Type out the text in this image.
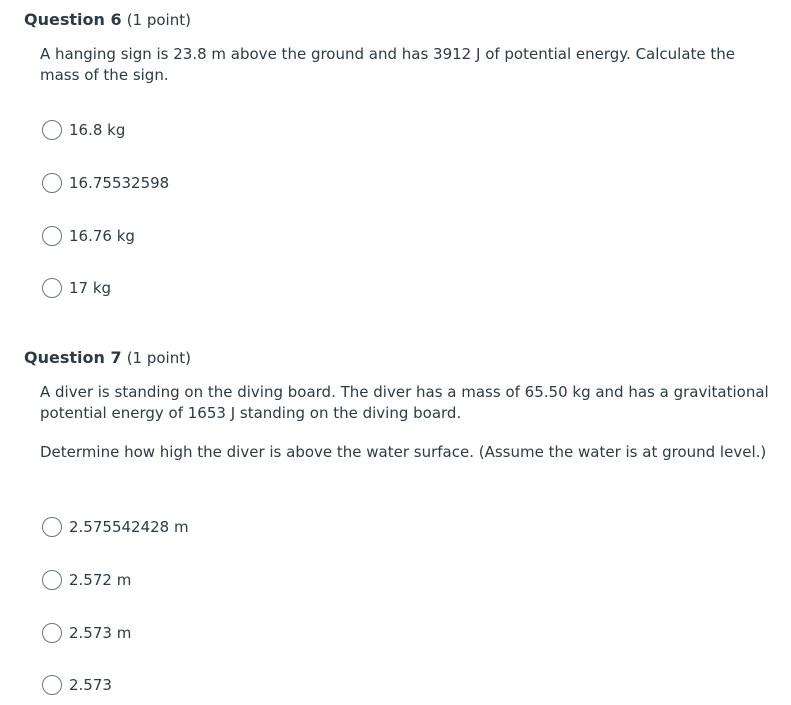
Question 6 (1 point)
A hanging sign is 23.8 m above the ground and has 3912 J of potential energy. Calculate the mass of the sign.
16.8 kg
16.75532598
16.76 kg
17 kg
Question 7 (1 point)
A diver is standing on the diving board. The diver has a mass of 65.50 kg and has a gravitational potential energy of 1653 J standing on the diving board.
Determine how high the diver is above the water surface. (Assume the water is at ground level.)
2.575542428 m
2.572 m
2.573 m
2.573
